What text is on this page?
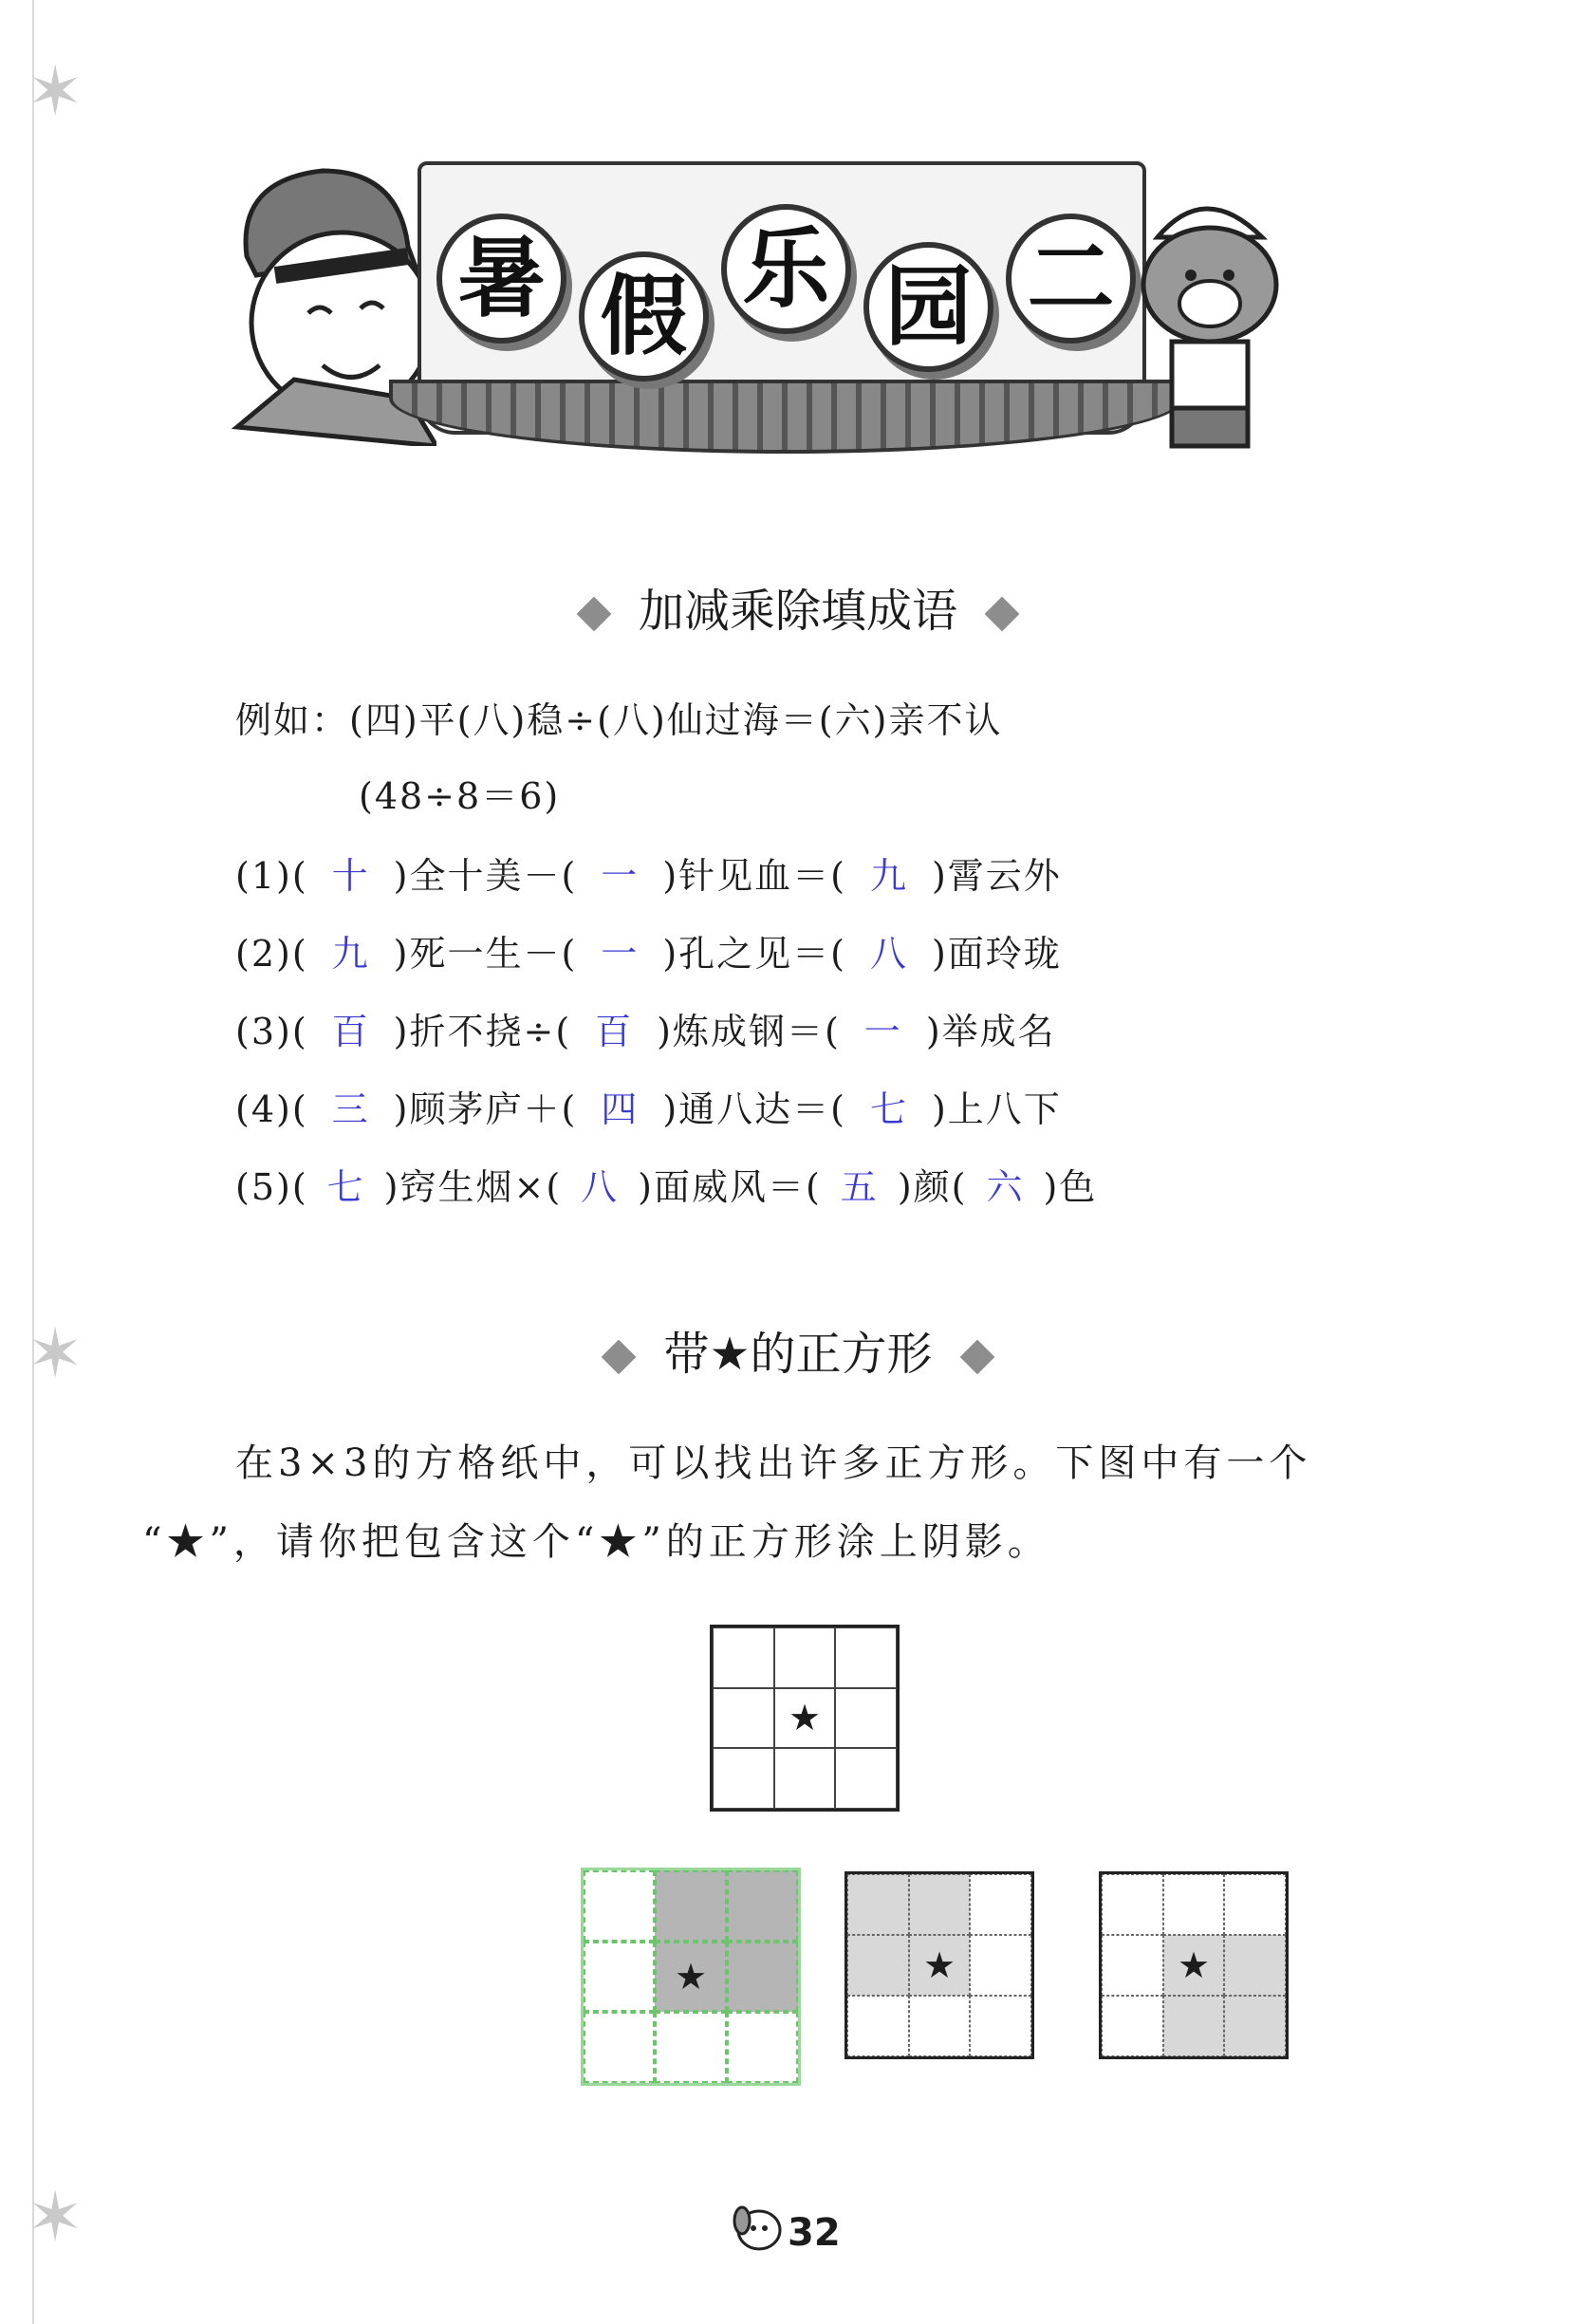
✶
✶
✶
暑 假 乐 园 二
加减乘除填成语
例如：(四)平(八)稳÷(八)仙过海＝(六)亲不认
(48÷8＝6)
(1)( 十 )全十美－( 一 )针见血＝( 九 )霄云外
(2)( 九 )死一生－( 一 )孔之见＝( 八 )面玲珑
(3)( 百 )折不挠÷( 百 )炼成钢＝( 一 )举成名
(4)( 三 )顾茅庐＋( 四 )通八达＝( 七 )上八下
(5)( 七 )窍生烟×( 八 )面威风＝( 五 )颜( 六 )色
带★的正方形
在3×3的方格纸中，可以找出许多正方形。下图中有一个
“★”，请你把包含这个“★”的正方形涂上阴影。
★
★	★	★
32
